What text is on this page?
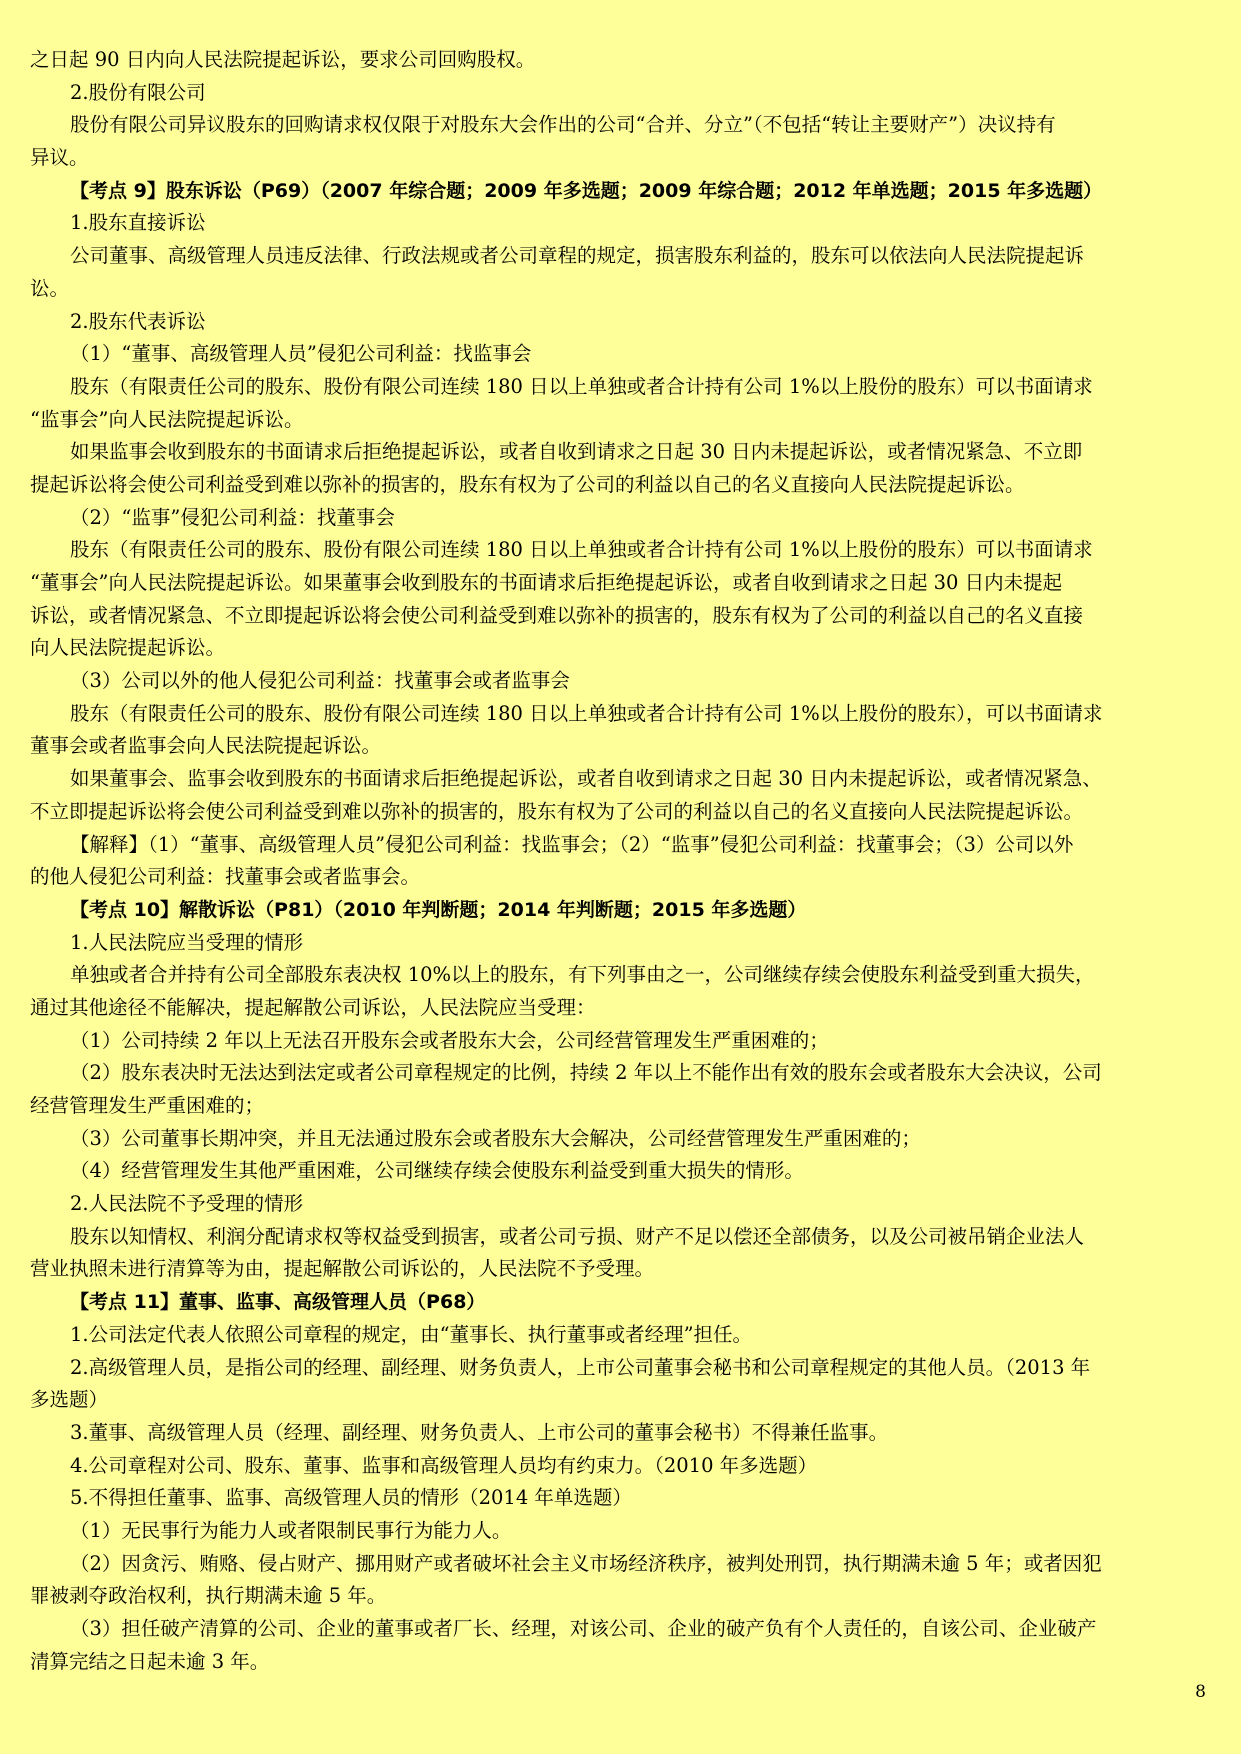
之日起 90 日内向人民法院提起诉讼，要求公司回购股权。
2.股份有限公司
股份有限公司异议股东的回购请求权仅限于对股东大会作出的公司“合并、分立”（不包括“转让主要财产”）决议持有
异议。
【考点 9】股东诉讼（P69）（2007 年综合题；2009 年多选题；2009 年综合题；2012 年单选题；2015 年多选题）
1.股东直接诉讼
公司董事、高级管理人员违反法律、行政法规或者公司章程的规定，损害股东利益的，股东可以依法向人民法院提起诉
讼。
2.股东代表诉讼
（1）“董事、高级管理人员”侵犯公司利益：找监事会
股东（有限责任公司的股东、股份有限公司连续 180 日以上单独或者合计持有公司 1%以上股份的股东）可以书面请求
“监事会”向人民法院提起诉讼。
如果监事会收到股东的书面请求后拒绝提起诉讼，或者自收到请求之日起 30 日内未提起诉讼，或者情况紧急、不立即
提起诉讼将会使公司利益受到难以弥补的损害的，股东有权为了公司的利益以自己的名义直接向人民法院提起诉讼。
（2）“监事”侵犯公司利益：找董事会
股东（有限责任公司的股东、股份有限公司连续 180 日以上单独或者合计持有公司 1%以上股份的股东）可以书面请求
“董事会”向人民法院提起诉讼。如果董事会收到股东的书面请求后拒绝提起诉讼，或者自收到请求之日起 30 日内未提起
诉讼，或者情况紧急、不立即提起诉讼将会使公司利益受到难以弥补的损害的，股东有权为了公司的利益以自己的名义直接
向人民法院提起诉讼。
（3）公司以外的他人侵犯公司利益：找董事会或者监事会
股东（有限责任公司的股东、股份有限公司连续 180 日以上单独或者合计持有公司 1%以上股份的股东），可以书面请求
董事会或者监事会向人民法院提起诉讼。
如果董事会、监事会收到股东的书面请求后拒绝提起诉讼，或者自收到请求之日起 30 日内未提起诉讼，或者情况紧急、
不立即提起诉讼将会使公司利益受到难以弥补的损害的，股东有权为了公司的利益以自己的名义直接向人民法院提起诉讼。
【解释】（1）“董事、高级管理人员”侵犯公司利益：找监事会；（2）“监事”侵犯公司利益：找董事会；（3）公司以外
的他人侵犯公司利益：找董事会或者监事会。
【考点 10】解散诉讼（P81）（2010 年判断题；2014 年判断题；2015 年多选题）
1.人民法院应当受理的情形
单独或者合并持有公司全部股东表决权 10%以上的股东，有下列事由之一，公司继续存续会使股东利益受到重大损失，
通过其他途径不能解决，提起解散公司诉讼，人民法院应当受理：
（1）公司持续 2 年以上无法召开股东会或者股东大会，公司经营管理发生严重困难的；
（2）股东表决时无法达到法定或者公司章程规定的比例，持续 2 年以上不能作出有效的股东会或者股东大会决议，公司
经营管理发生严重困难的；
（3）公司董事长期冲突，并且无法通过股东会或者股东大会解决，公司经营管理发生严重困难的；
（4）经营管理发生其他严重困难，公司继续存续会使股东利益受到重大损失的情形。
2.人民法院不予受理的情形
股东以知情权、利润分配请求权等权益受到损害，或者公司亏损、财产不足以偿还全部债务，以及公司被吊销企业法人
营业执照未进行清算等为由，提起解散公司诉讼的，人民法院不予受理。
【考点 11】董事、监事、高级管理人员（P68）
1.公司法定代表人依照公司章程的规定，由“董事长、执行董事或者经理”担任。
2.高级管理人员，是指公司的经理、副经理、财务负责人，上市公司董事会秘书和公司章程规定的其他人员。（2013 年
多选题）
3.董事、高级管理人员（经理、副经理、财务负责人、上市公司的董事会秘书）不得兼任监事。
4.公司章程对公司、股东、董事、监事和高级管理人员均有约束力。（2010 年多选题）
5.不得担任董事、监事、高级管理人员的情形（2014 年单选题）
（1）无民事行为能力人或者限制民事行为能力人。
（2）因贪污、贿赂、侵占财产、挪用财产或者破坏社会主义市场经济秩序，被判处刑罚，执行期满未逾 5 年；或者因犯
罪被剥夺政治权利，执行期满未逾 5 年。
（3）担任破产清算的公司、企业的董事或者厂长、经理，对该公司、企业的破产负有个人责任的，自该公司、企业破产
清算完结之日起未逾 3 年。
8
